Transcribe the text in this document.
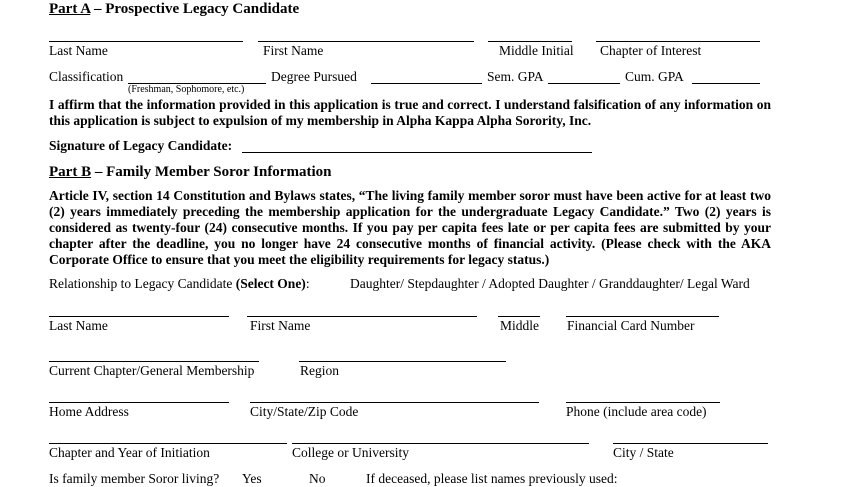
Part A – Prospective Legacy Candidate
Last Name	First Name	Middle Initial Chapter of Interest
Classification	Degree Pursued	Sem. GPA	Cum. GPA
(Freshman, Sophomore, etc.)
I affirm that the information provided in this application is true and correct. I understand falsification of any information on this application is subject to expulsion of my membership in Alpha Kappa Alpha Sorority, Inc.
Signature of Legacy Candidate:
Part B – Family Member Soror Information
Article IV, section 14 Constitution and Bylaws states, “The living family member soror must have been active for at least two (2) years immediately preceding the membership application for the undergraduate Legacy Candidate.” Two (2) years is considered as twenty-four (24) consecutive months. If you pay per capita fees late or per capita fees are submitted by your chapter after the deadline, you no longer have 24 consecutive months of financial activity. (Please check with the AKA Corporate Office to ensure that you meet the eligibility requirements for legacy status.)
Relationship to Legacy Candidate (Select One):	Daughter/ Stepdaughter / Adopted Daughter / Granddaughter/ Legal Ward
Last Name	First Name	Middle Financial Card Number
Current Chapter/General Membership	Region
Home Address	City/State/Zip Code	Phone (include area code)
Chapter and Year of Initiation	College or University	City / State
Is family member Soror living? Yes	No	If deceased, please list names previously used:
